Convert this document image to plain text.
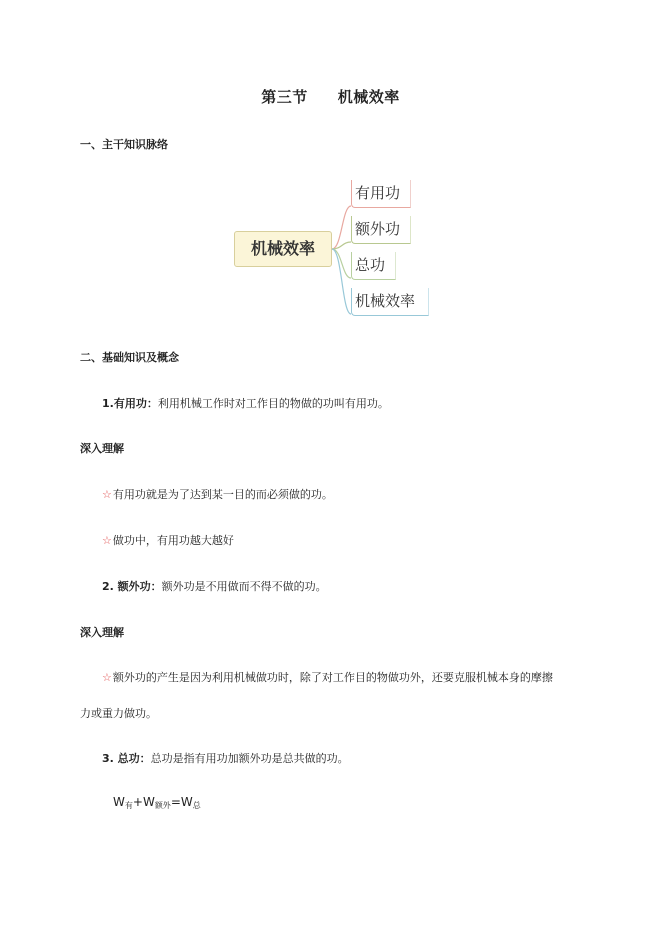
第三节 机械效率
一、主干知识脉络
机械效率
有用功
额外功
总功
机械效率
二、基础知识及概念
1.有用功：利用机械工作时对工作目的物做的功叫有用功。
深入理解
☆有用功就是为了达到某一目的而必须做的功。
☆做功中，有用功越大越好
2. 额外功：额外功是不用做而不得不做的功。
深入理解
☆额外功的产生是因为利用机械做功时，除了对工作目的物做功外，还要克服机械本身的摩擦
力或重力做功。
3. 总功：总功是指有用功加额外功是总共做的功。
$W_有+W_{额外}=W_总$
